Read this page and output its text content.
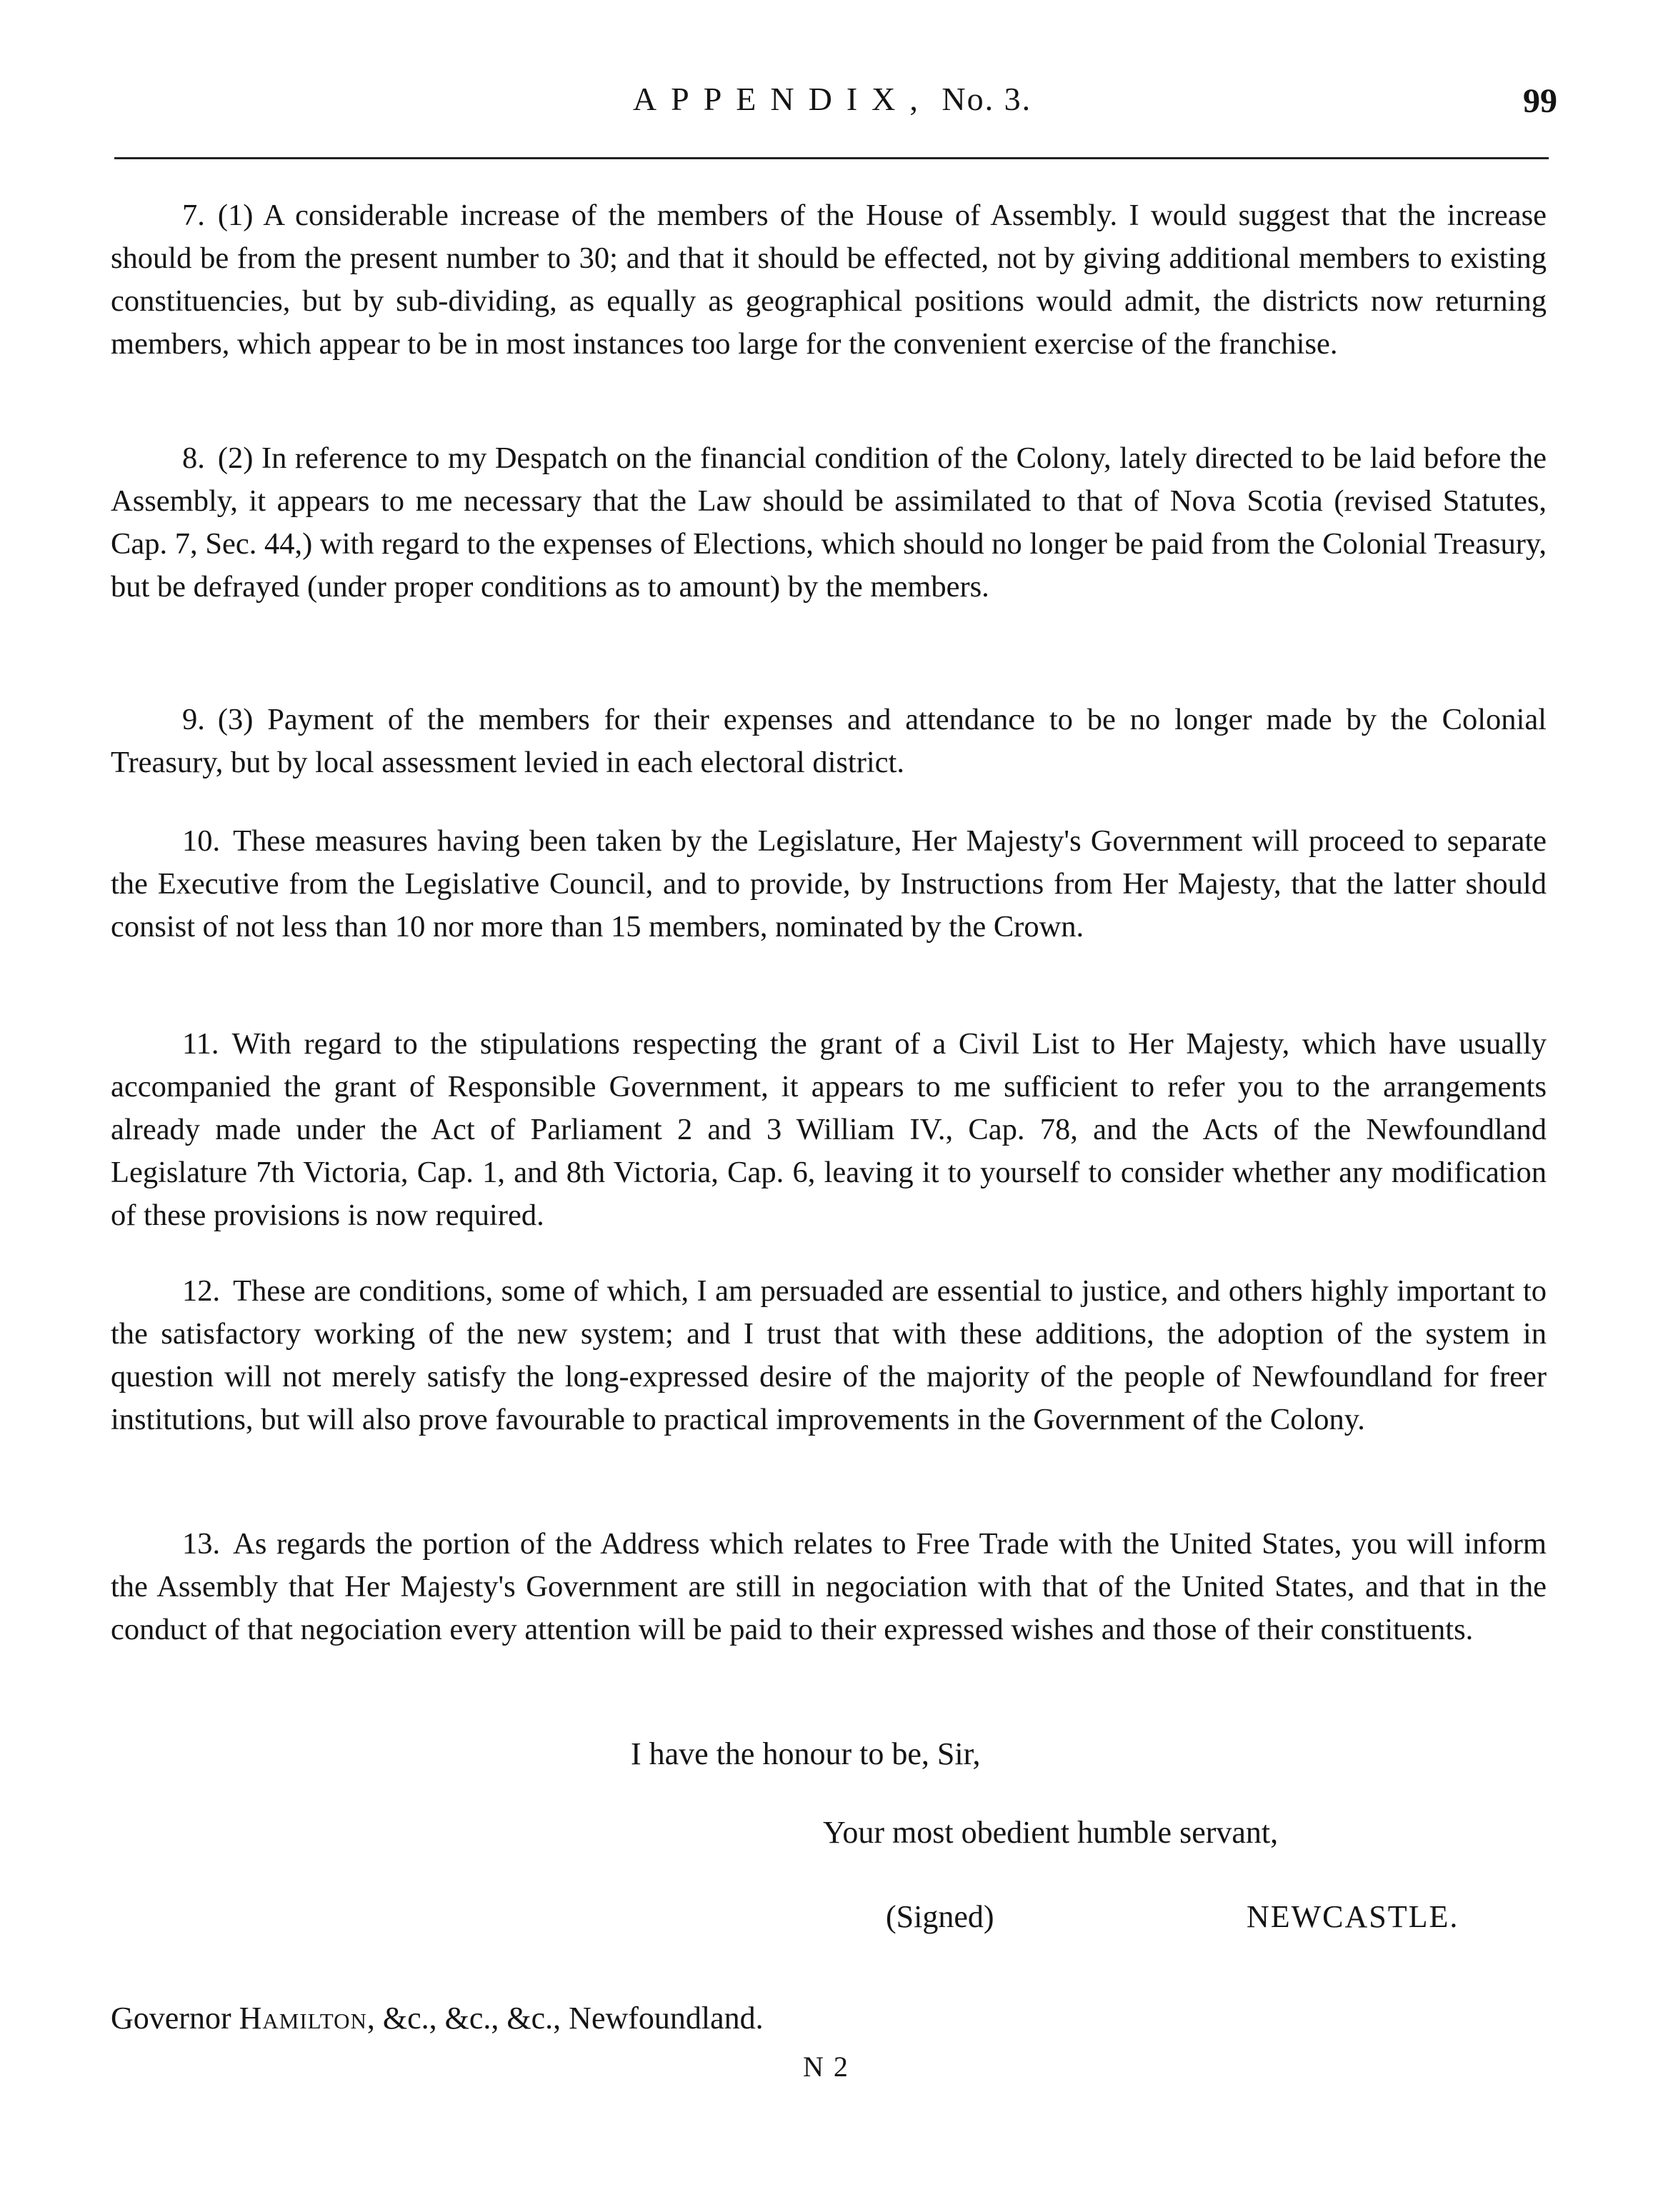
APPENDIX, No. 3.	99

7. (1) A considerable increase of the members of the House of Assembly. I would suggest that the increase should be from the present number to 30; and that it should be effected, not by giving additional members to existing constituencies, but by sub-dividing, as equally as geographical positions would admit, the districts now returning members, which appear to be in most instances too large for the convenient exercise of the franchise.

8. (2) In reference to my Despatch on the financial condition of the Colony, lately directed to be laid before the Assembly, it appears to me necessary that the Law should be assimilated to that of Nova Scotia (revised Statutes, Cap. 7, Sec. 44,) with regard to the expenses of Elections, which should no longer be paid from the Colonial Treasury, but be defrayed (under proper conditions as to amount) by the members.

9. (3) Payment of the members for their expenses and attendance to be no longer made by the Colonial Treasury, but by local assessment levied in each electoral district.

10. These measures having been taken by the Legislature, Her Majesty's Government will proceed to separate the Executive from the Legislative Council, and to provide, by Instructions from Her Majesty, that the latter should consist of not less than 10 nor more than 15 members, nominated by the Crown.

11. With regard to the stipulations respecting the grant of a Civil List to Her Majesty, which have usually accompanied the grant of Responsible Government, it appears to me sufficient to refer you to the arrangements already made under the Act of Parliament 2 and 3 William IV., Cap. 78, and the Acts of the Newfoundland Legislature 7th Victoria, Cap. 1, and 8th Victoria, Cap. 6, leaving it to yourself to consider whether any modification of these provisions is now required.

12. These are conditions, some of which, I am persuaded are essential to justice, and others highly important to the satisfactory working of the new system; and I trust that with these additions, the adoption of the system in question will not merely satisfy the long-expressed desire of the majority of the people of Newfoundland for freer institutions, but will also prove favourable to practical improvements in the Government of the Colony.

13. As regards the portion of the Address which relates to Free Trade with the United States, you will inform the Assembly that Her Majesty's Government are still in negociation with that of the United States, and that in the conduct of that negociation every attention will be paid to their expressed wishes and those of their constituents.

I have the honour to be, Sir,
Your most obedient humble servant,
(Signed)	NEWCASTLE.
Governor Hamilton, &c., &c., &c., Newfoundland.
N 2
